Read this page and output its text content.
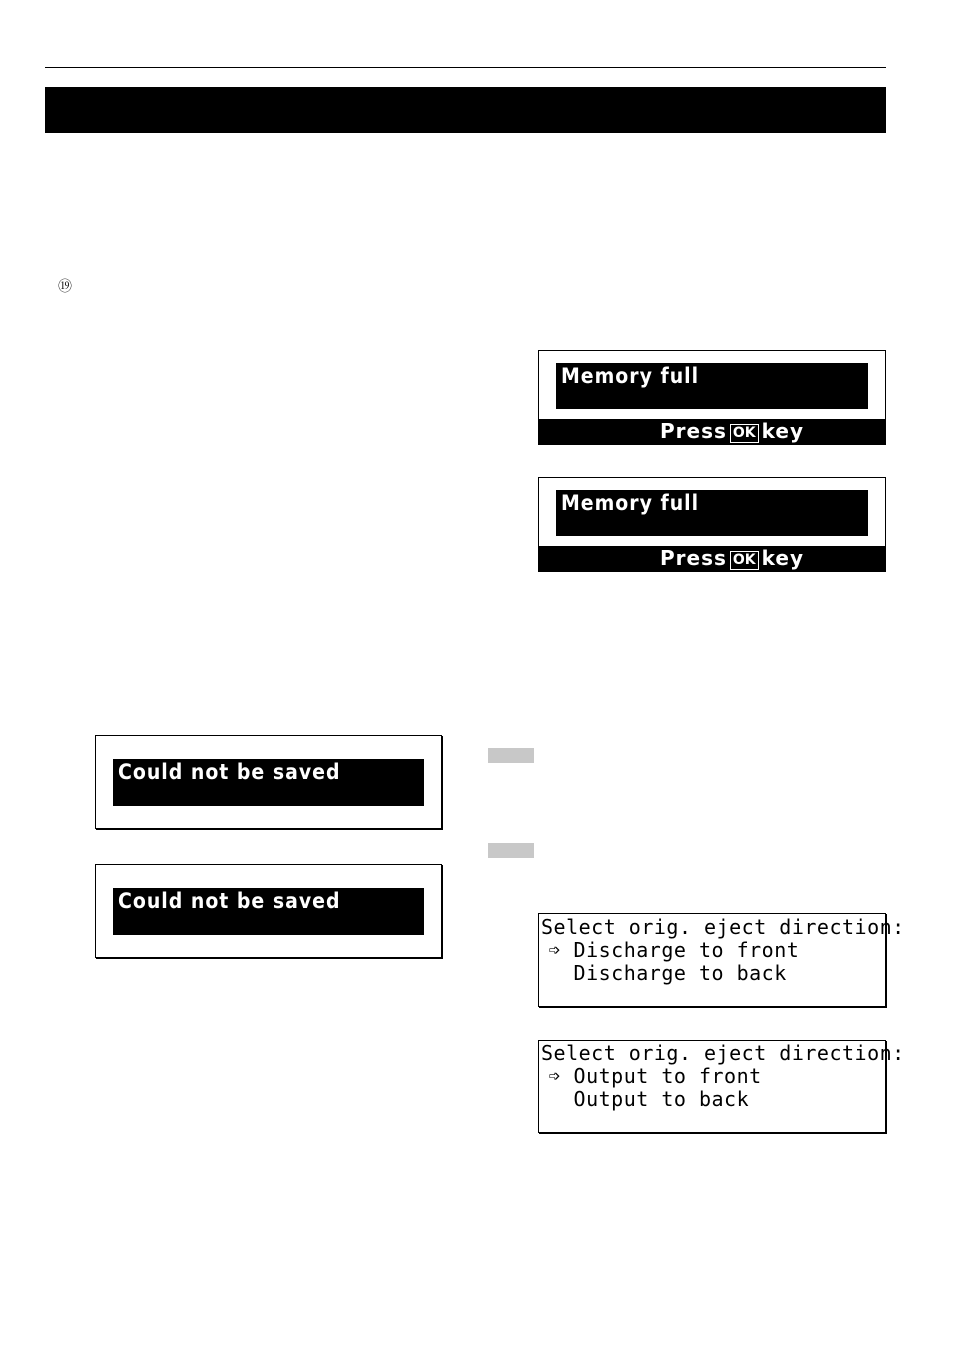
⑲
Memory full
Press OK key
Memory full
Press OK key
Could not be saved
Could not be saved
Select orig. eject direction:
➩ Discharge to front
Discharge to back
Select orig. eject direction:
➩ Output to front
Output to back
